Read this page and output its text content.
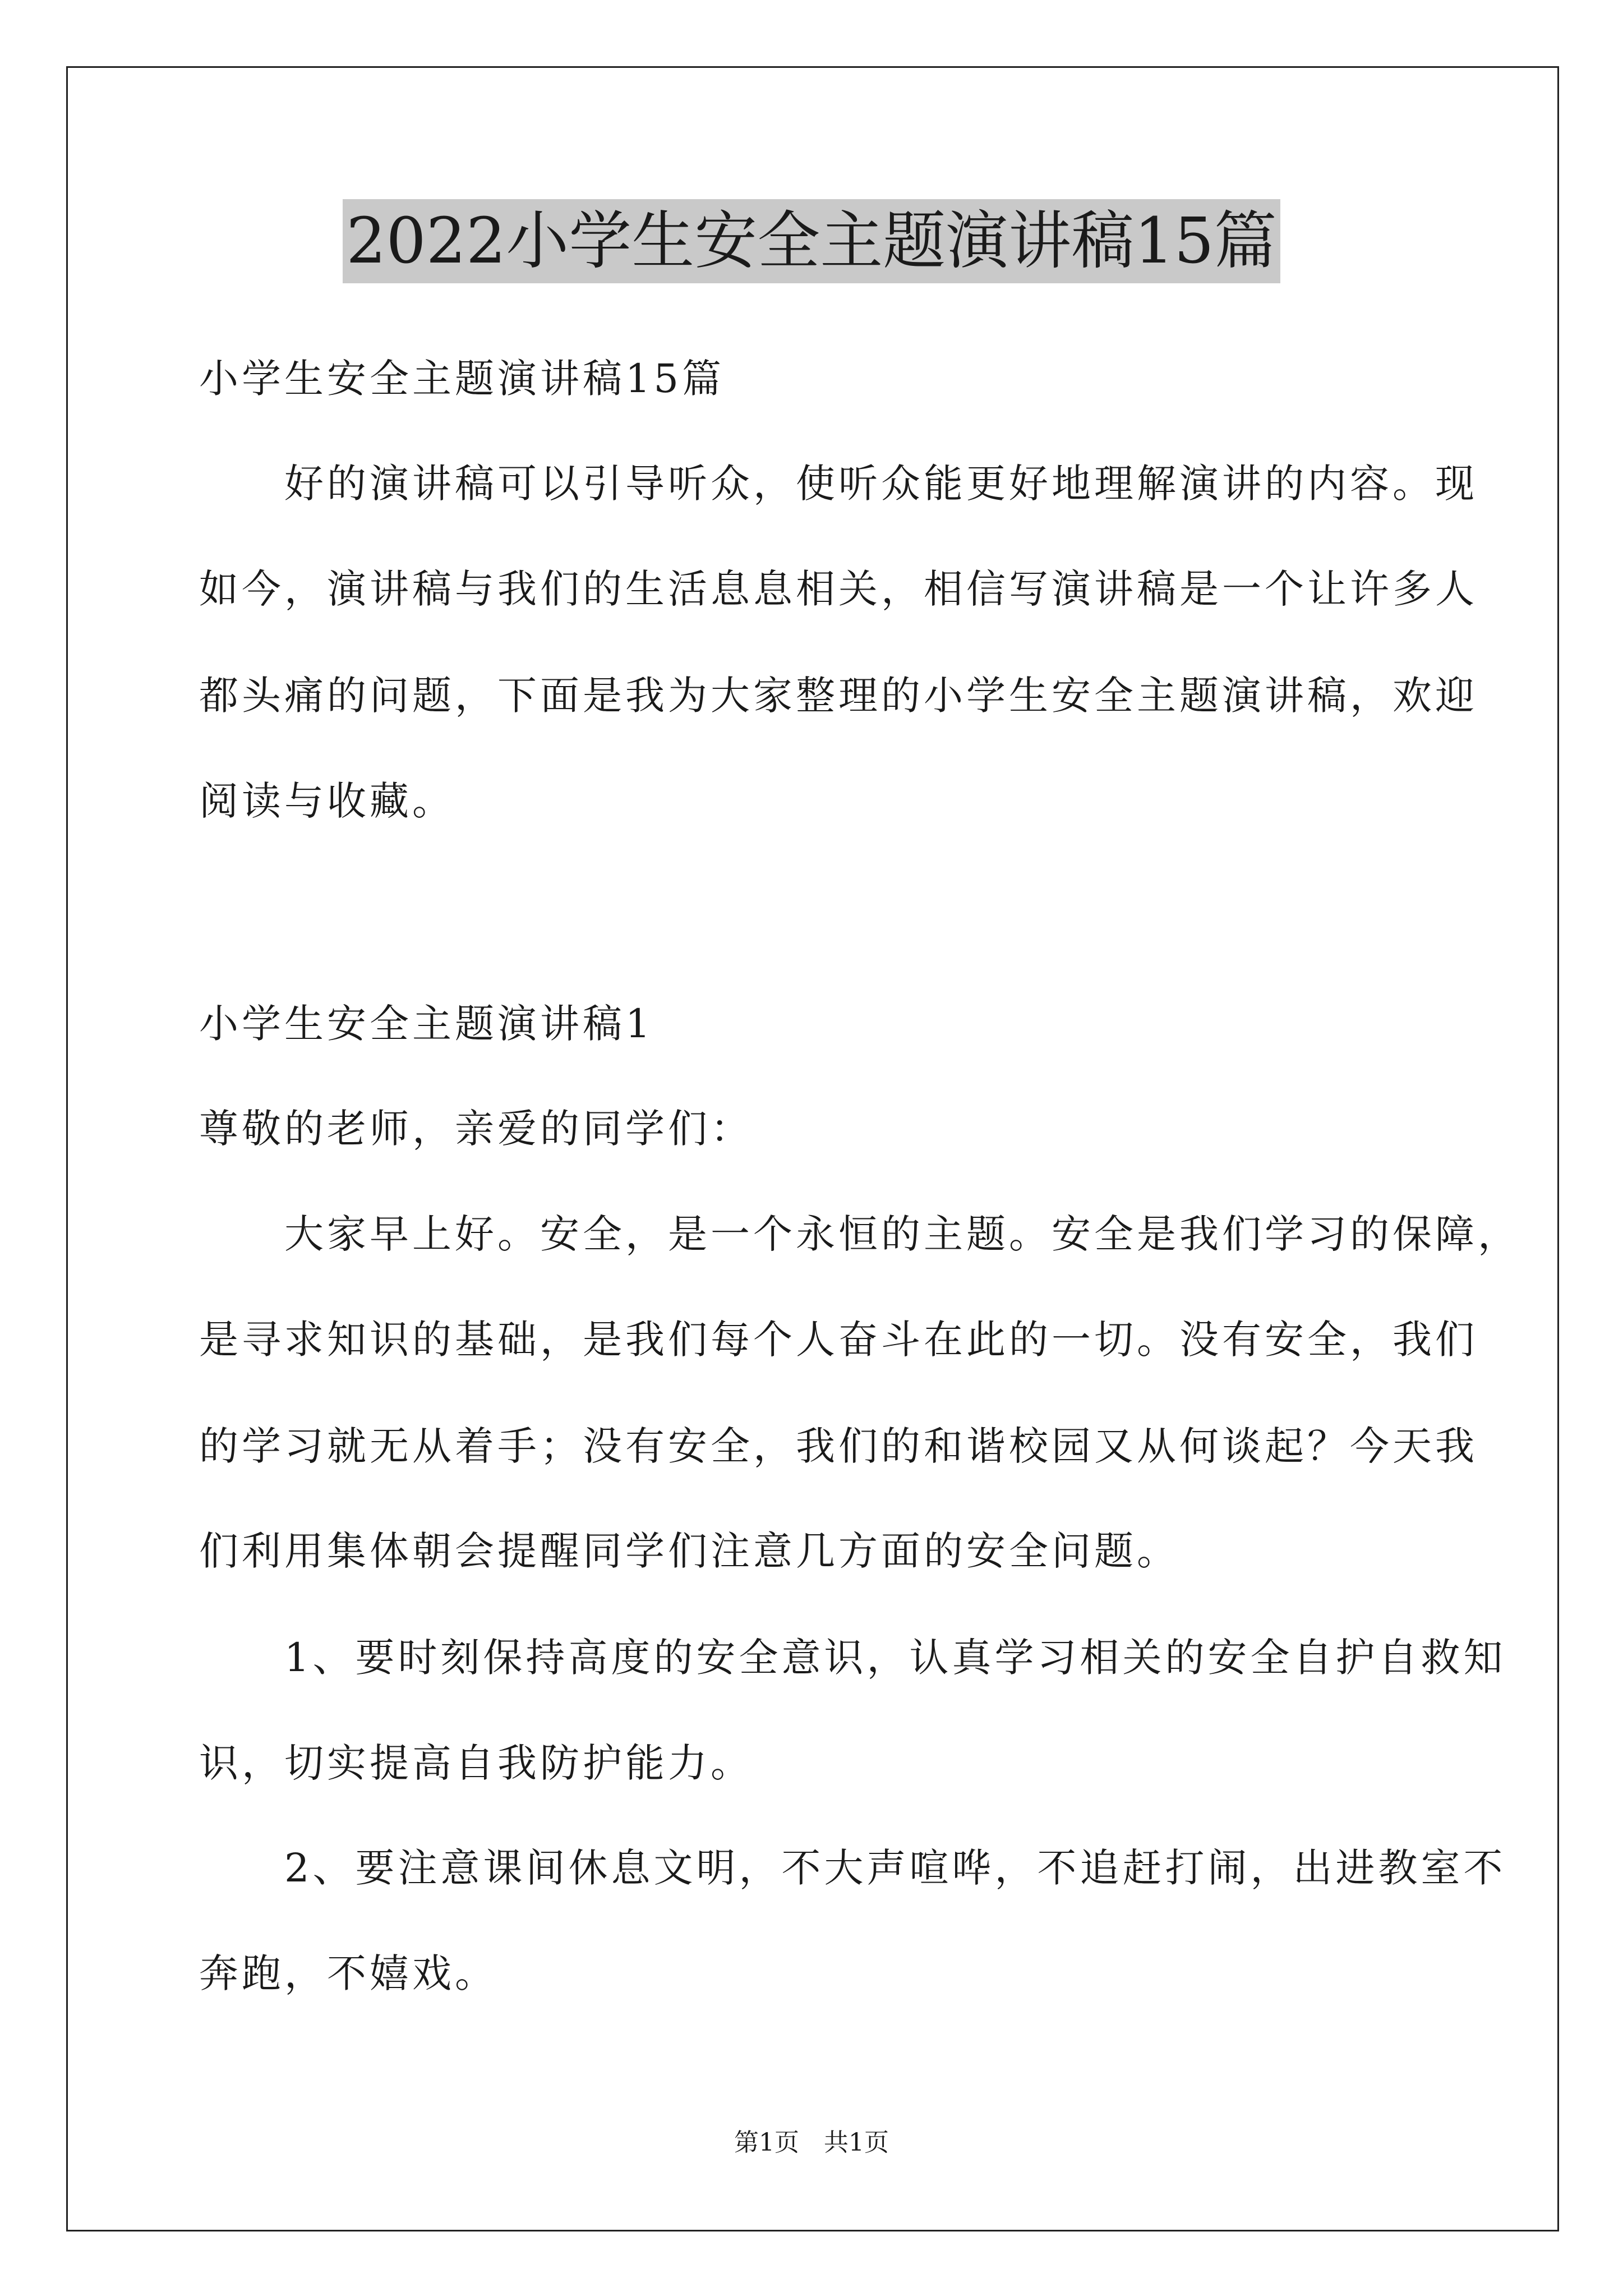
2022小学生安全主题演讲稿15篇
小学生安全主题演讲稿15篇
　　好的演讲稿可以引导听众，使听众能更好地理解演讲的内容。现
如今，演讲稿与我们的生活息息相关，相信写演讲稿是一个让许多人
都头痛的问题，下面是我为大家整理的小学生安全主题演讲稿，欢迎
阅读与收藏。
小学生安全主题演讲稿1
尊敬的老师，亲爱的同学们：
　　大家早上好。安全，是一个永恒的主题。安全是我们学习的保障，
是寻求知识的基础，是我们每个人奋斗在此的一切。没有安全，我们
的学习就无从着手；没有安全，我们的和谐校园又从何谈起？今天我
们利用集体朝会提醒同学们注意几方面的安全问题。
　　1、要时刻保持高度的安全意识，认真学习相关的安全自护自救知
识，切实提高自我防护能力。
　　2、要注意课间休息文明，不大声喧哗，不追赶打闹，出进教室不
奔跑，不嬉戏。
第1页　共1页
